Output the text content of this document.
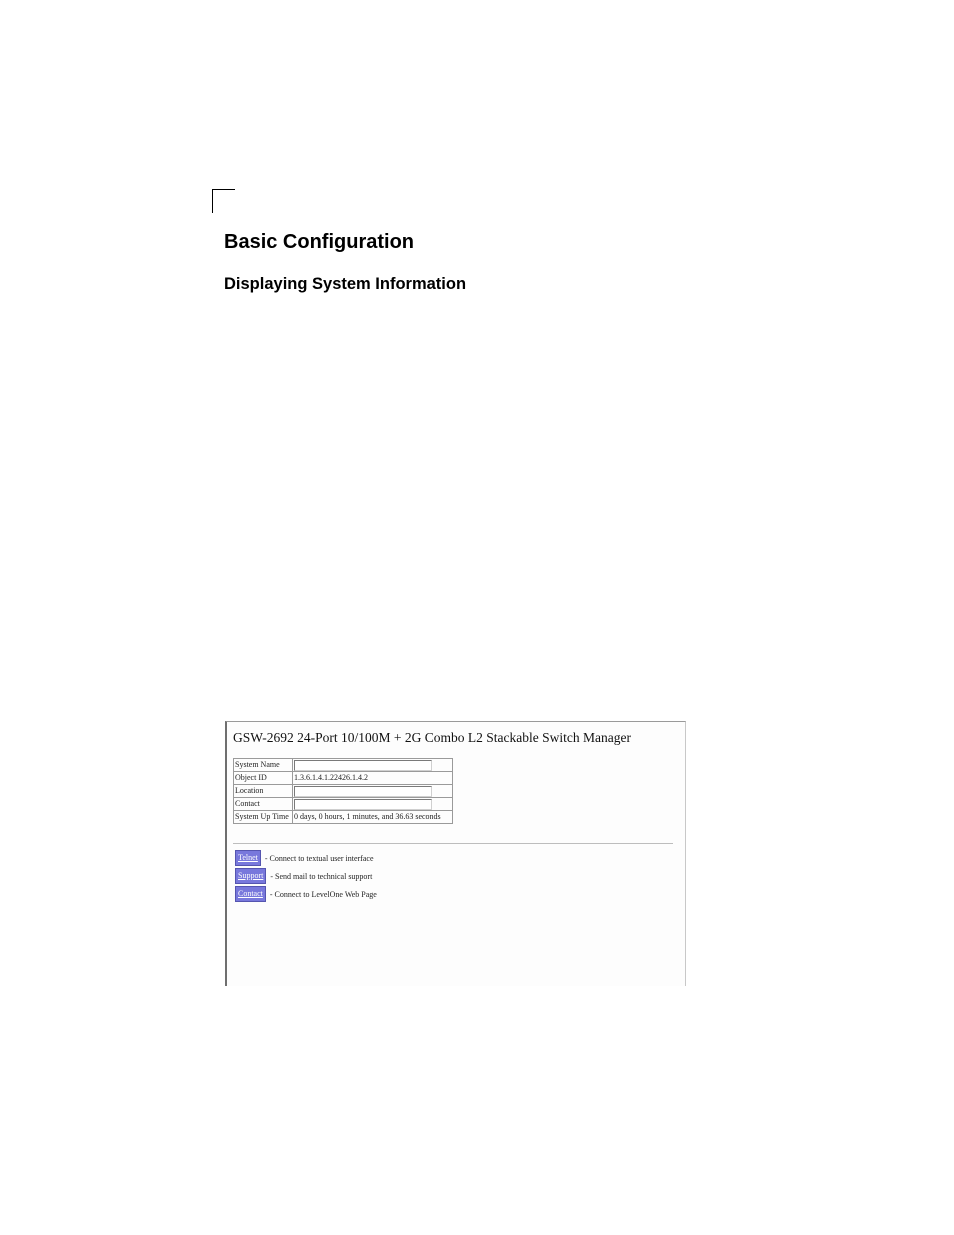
Basic Configuration
Displaying System Information
GSW-2692 24-Port 10/100M + 2G Combo L2 Stackable Switch Manager
System Name	

Object ID	1.3.6.1.4.1.22426.1.4.2
Location	

Contact	

System Up Time	0 days, 0 hours, 1 minutes, and 36.63 seconds
Telnet - Connect to textual user interface
Support - Send mail to technical support
Contact - Connect to LevelOne Web Page
